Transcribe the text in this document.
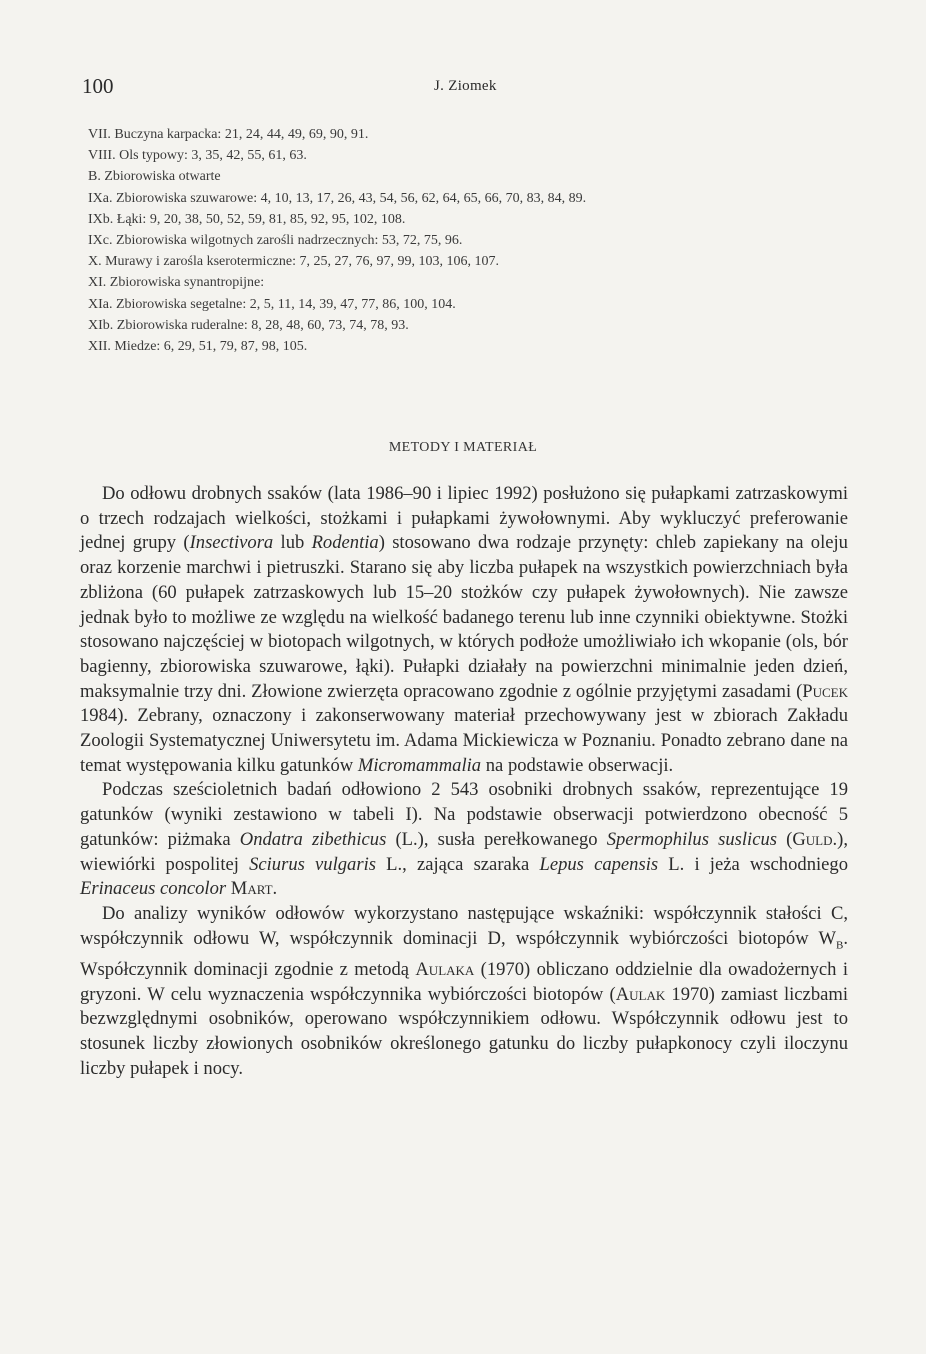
100	J. Ziomek
VII. Buczyna karpacka: 21, 24, 44, 49, 69, 90, 91.
VIII. Ols typowy: 3, 35, 42, 55, 61, 63.
B. Zbiorowiska otwarte
IXa. Zbiorowiska szuwarowe: 4, 10, 13, 17, 26, 43, 54, 56, 62, 64, 65, 66, 70, 83, 84, 89.
IXb. Łąki: 9, 20, 38, 50, 52, 59, 81, 85, 92, 95, 102, 108.
IXc. Zbiorowiska wilgotnych zarośli nadrzecznych: 53, 72, 75, 96.
X. Murawy i zarośla kserotermiczne: 7, 25, 27, 76, 97, 99, 103, 106, 107.
XI. Zbiorowiska synantropijne:
XIa. Zbiorowiska segetalne: 2, 5, 11, 14, 39, 47, 77, 86, 100, 104.
XIb. Zbiorowiska ruderalne: 8, 28, 48, 60, 73, 74, 78, 93.
XII. Miedze: 6, 29, 51, 79, 87, 98, 105.
METODY I MATERIAŁ

Do odłowu drobnych ssaków (lata 1986–90 i lipiec 1992) posłużono się pułapkami zatrzaskowymi o trzech rodzajach wielkości, stożkami i pułapkami żywołownymi. Aby wykluczyć preferowanie jednej grupy (Insectivora lub Rodentia) stosowano dwa rodzaje przynęty: chleb zapiekany na oleju oraz korzenie marchwi i pietruszki. Starano się aby liczba pułapek na wszystkich powierzchniach była zbliżona (60 pułapek zatrzaskowych lub 15–20 stożków czy pułapek żywołownych). Nie zawsze jednak było to możliwe ze względu na wielkość badanego terenu lub inne czynniki obiektywne. Stożki stosowano najczęściej w biotopach wilgotnych, w których podłoże umożliwiało ich wkopanie (ols, bór bagienny, zbiorowiska szuwarowe, łąki). Pułapki działały na powierzchni minimalnie jeden dzień, maksymalnie trzy dni. Złowione zwierzęta opracowano zgodnie z ogólnie przyjętymi zasadami (Pucek 1984). Zebrany, oznaczony i zakonserwowany materiał przechowywany jest w zbiorach Zakładu Zoologii Systematycznej Uniwersytetu im. Adama Mickiewicza w Poznaniu. Ponadto zebrano dane na temat występowania kilku gatunków Micromammalia na podstawie obserwacji.

Podczas sześcioletnich badań odłowiono 2 543 osobniki drobnych ssaków, reprezentujące 19 gatunków (wyniki zestawiono w tabeli I). Na podstawie obserwacji potwierdzono obecność 5 gatunków: piżmaka Ondatra zibethicus (L.), susła perełkowanego Spermophilus suslicus (Guld.), wiewiórki pospolitej Sciurus vulgaris L., zająca szaraka Lepus capensis L. i jeża wschodniego Erinaceus concolor Mart.

Do analizy wyników odłowów wykorzystano następujące wskaźniki: współczynnik stałości C, współczynnik odłowu W, współczynnik dominacji D, współczynnik wybiórczości biotopów $W_B$. Współczynnik dominacji zgodnie z metodą Aulaka (1970) obliczano oddzielnie dla owadożernych i gryzoni. W celu wyznaczenia współczynnika wybiórczości biotopów (Aulak 1970) zamiast liczbami bezwzględnymi osobników, operowano współczynnikiem odłowu. Współczynnik odłowu jest to stosunek liczby złowionych osobników określonego gatunku do liczby pułapkonocy czyli iloczynu liczby pułapek i nocy.
